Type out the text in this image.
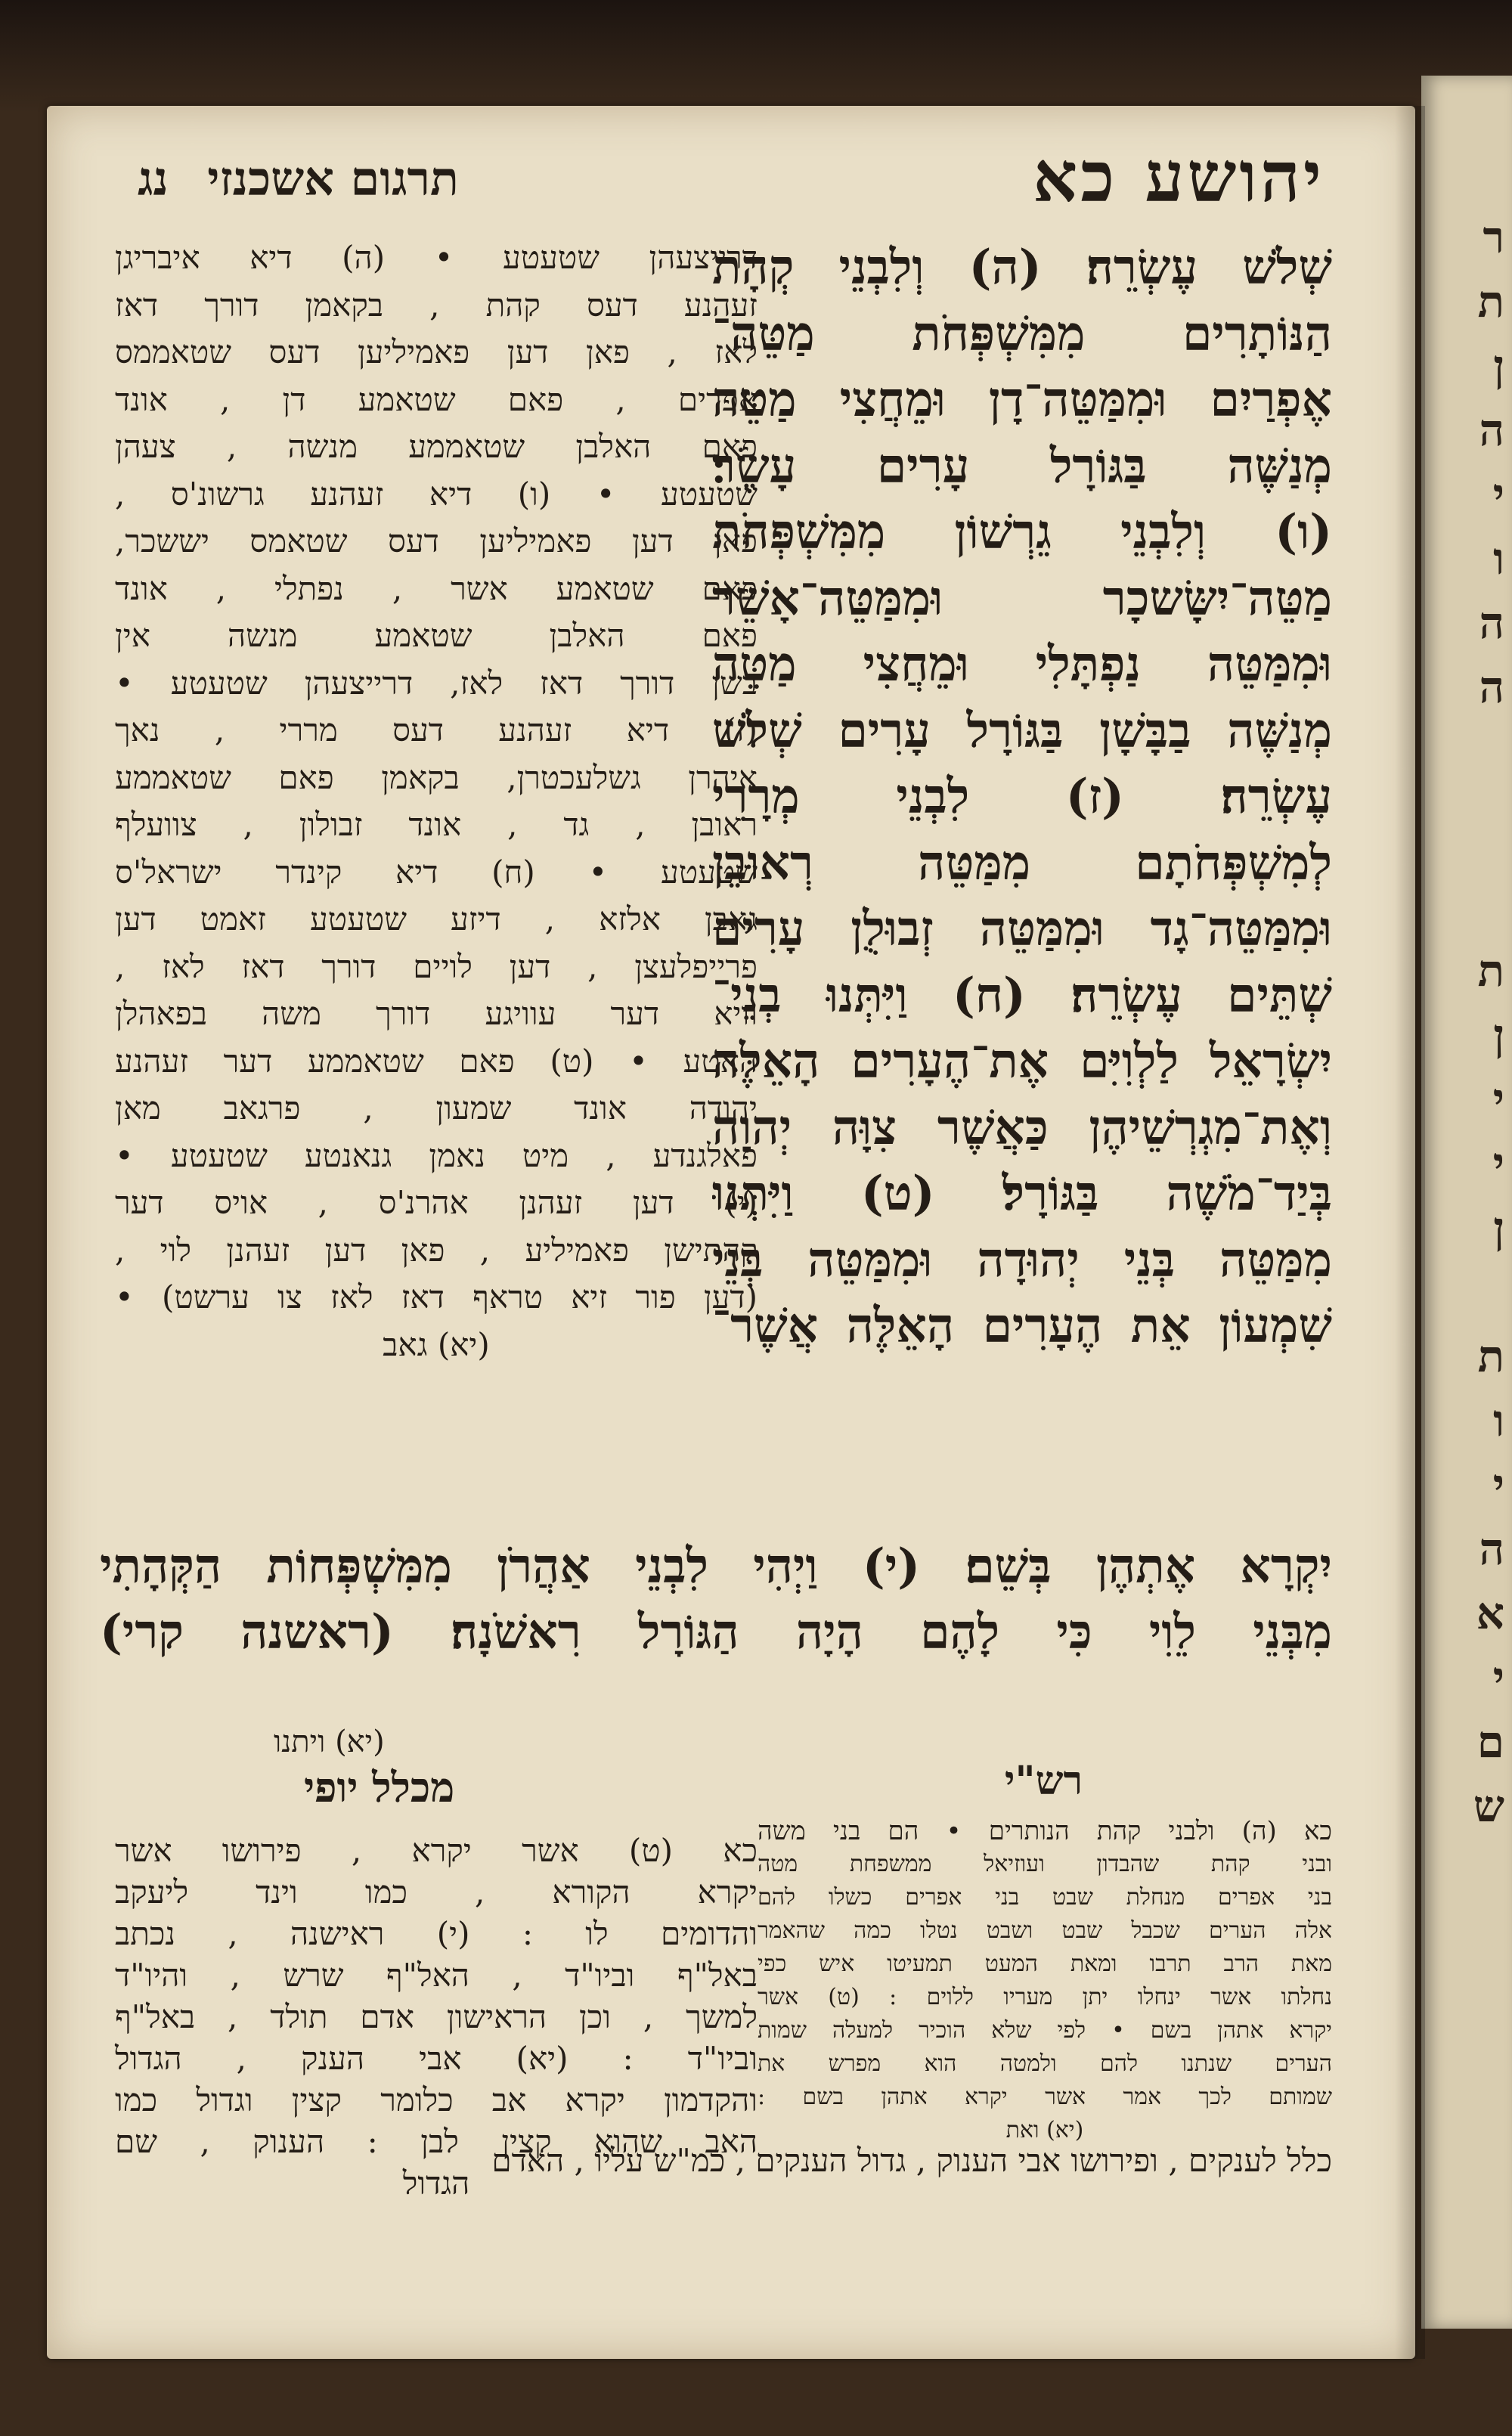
ר
ת
ן
ה
י
ו
ה
ה
ת
ן
י
י
ן
ת
ו
י
ה
א
י
ם
ש
יהושע כא
תרגום אשכנזי נג
שְׁלֹשׁ עֶשְׂרֵה׃ (ה) וְלִבְנֵי קְהָת
הַנּוֹתָרִים מִמִּשְׁפְּחֹת מַטֵּה־
אֶפְרַיִם וּמִמַּטֵּה־דָן וּמֵחֲצִי מַטֵּה
מְנַשֶּׁה בַּגּוֹרָל עָרִים עָשֶׂר׃
(ו) וְלִבְנֵי גֵרְשׁוֹן מִמִּשְׁפְּחֹת
מַטֵּה־יִשָּׂשכָר וּמִמַּטֵּה־אָשֵׁר
וּמִמַּטֵּה נַפְתָּלִי וּמֵחֲצִי מַטֵּה
מְנַשֶּׁה בַבָּשָׁן בַּגּוֹרָל עָרִים שְׁלֹשׁ
עֶשְׂרֵה׃ (ז) לִבְנֵי מְרָרִי
לְמִשְׁפְּחֹתָם מִמַּטֵּה רְאוּבֵן
וּמִמַּטֵּה־גָד וּמִמַּטֵּה זְבוּלֻן עָרִים
שְׁתֵּים עֶשְׂרֵה׃ (ח) וַיִּתְּנוּ בְנֵי־
יִשְׂרָאֵל לַלְוִיִּם אֶת־הֶעָרִים הָאֵלֶּה
וְאֶת־מִגְרְשֵׁיהֶן כַּאֲשֶׁר צִוָּה יְהוָה
בְּיַד־מֹשֶׁה בַּגּוֹרָל׃ (ט) וַיִּתְּנוּ
מִמַּטֵּה בְּנֵי יְהוּדָה וּמִמַּטֵּה בְּנֵי
שִׁמְעוֹן אֵת הֶעָרִים הָאֵלֶּה אֲשֶׁר־
דרייצעהן שטעטע • (ה) דיא איבריגן
זעהנע דעס קהת , בקאמן דורך דאז
לאז , פאן דען פאמיליען דעס שטאממס
אפרים , פאם שטאמע דן , אונד
פאם האלבן שטאממע מנשה , צעהן
שטעטע • (ו) דיא זעהנע גרשונ'ס ,
פאן דען פאמיליען דעס שטאמס יששכר,
פאם שטאמע אשר , נפתלי , אונד
פאם האלבן שטאמע מנשה אין
בשן דורך דאז לאז, דרייצעהן שטעטע •
(ז) דיא זעהנע דעס מררי , נאך
איהרן גשלעכטרן, בקאמן פאם שטאממע
ראובן , גד , אונד זבולון , צוועלף
שטעטע • (ח) דיא קינדר ישראל'ס
גאבן אלזא , דיזע שטעטע זאמט דען
פרייפלעצן , דען לויים דורך דאז לאז ,
וויא דער עוויגע דורך משה בפאהלן
האטע • (ט) פאם שטאממע דער זעהנע
יהודה אונד שמעון , פרגאב מאן
פאלגנדע , מיט נאמן גנאנטע שטעטע •
(י) דען זעהנן אהרנ'ס , אויס דער
קהתישן פאמיליע , פאן דען זעהנן לוי ,
(דען פור זיא טראף דאז לאז צו ערשט) •
(יא) גאב
יִקְרָא אֶתְהֶן בְּשֵׁם׃ (י) וַיְהִי לִבְנֵי אַהֲרֹן מִמִּשְׁפְּחוֹת הַקְּהָתִי
מִבְּנֵי לֵוִי כִּי לָהֶם הָיָה הַגּוֹרָל רִאשֹׁנָה׃ (ראשנה קרי)
רש"י
כא (ה) ולבני קהת הנותרים • הם בני משה
ובני קהת שהבדון ועוזיאל ממשפחת מטה
בני אפרים מנחלת שבט בני אפרים כשלו להם
אלה הערים שכבל שבט ושבט נטלו כמה שהאמר
מאת הרב תרבו ומאת המעט תמעיטו איש כפי
נחלתו אשר ינחלו יתן מעריו ללוים : (ט) אשר
יקרא אתהן בשם • לפי שלא הוכיר למעלה שמות
הערים שנתנו להם ולמטה הוא מפרש את
שמותם לכך אמר אשר יקרא אתהן בשם :
(יא) ואת
כלל לענקים , ופירושו אבי הענוק , גדול הענקים , כמ"ש עליו , האדם
(יא) ויתנו
מכלל יופי
כא (ט) אשר יקרא , פירושו אשר
יקרא הקורא , כמו וינד ליעקב
והדומים לו : (י) ראישנה , נכתב
באל"ף וביו"ד , האל"ף שרש , והיו"ד
למשך , וכן הראישון אדם תולד , באל"ף
וביו"ד : (יא) אבי הענק , הגדול
והקדמון יקרא אב כלומר קצין וגדול כמו
האב שהוא קצין לבן : הענוק , שם
הגדול
